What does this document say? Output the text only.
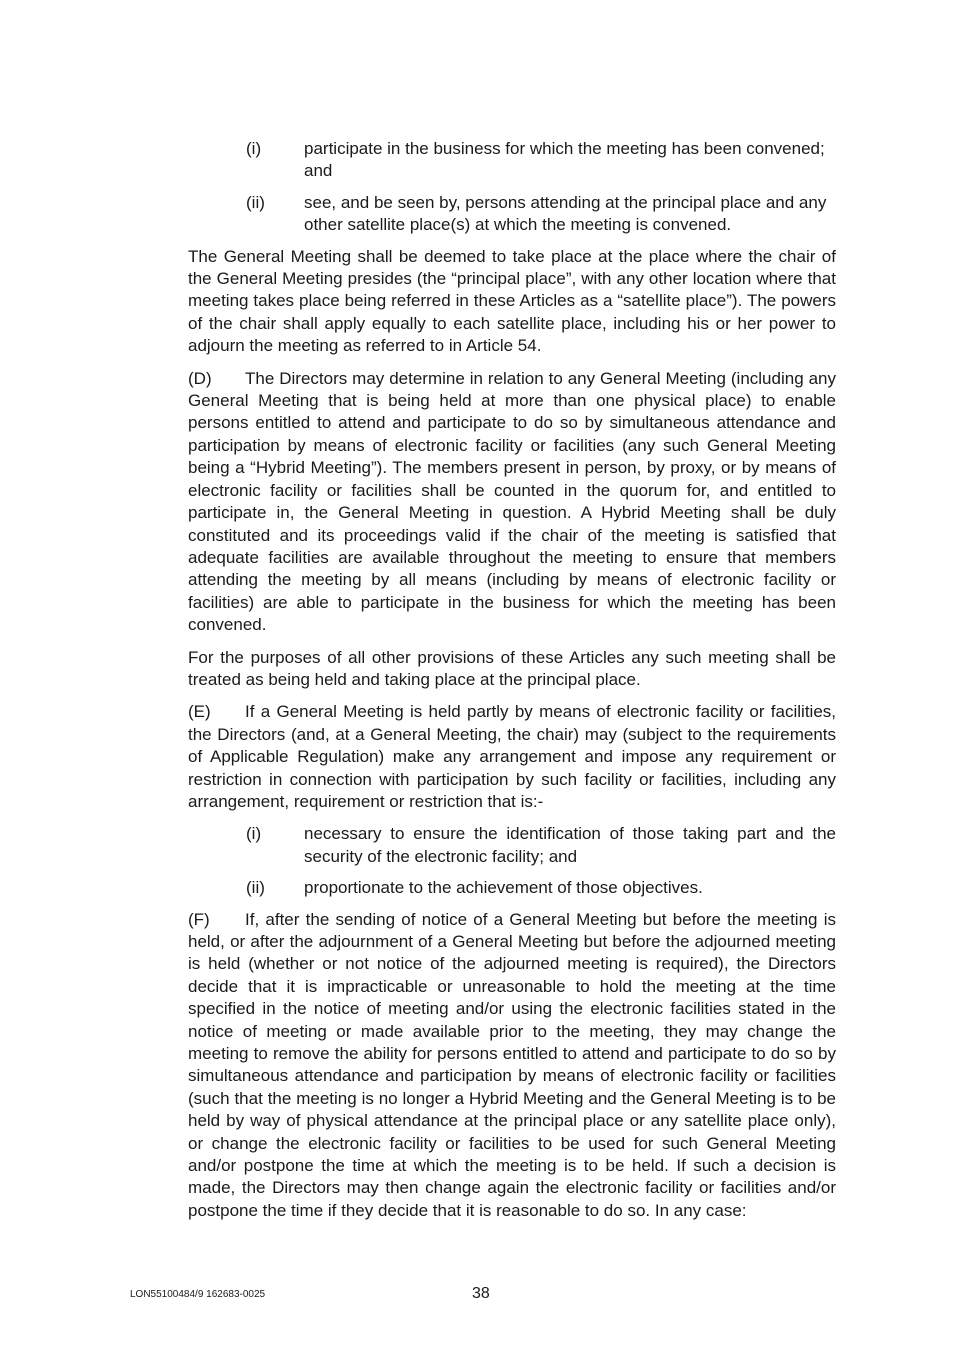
(i)	participate in the business for which the meeting has been convened; and
(ii) see, and be seen by, persons attending at the principal place and any other satellite place(s) at which the meeting is convened.

The General Meeting shall be deemed to take place at the place where the chair of the General Meeting presides (the “principal place”, with any other location where that meeting takes place being referred in these Articles as a “satellite place”). The powers of the chair shall apply equally to each satellite place, including his or her power to adjourn the meeting as referred to in Article 54.

(D) The Directors may determine in relation to any General Meeting (including any General Meeting that is being held at more than one physical place) to enable persons entitled to attend and participate to do so by simultaneous attendance and participation by means of electronic facility or facilities (any such General Meeting being a “Hybrid Meeting”). The members present in person, by proxy, or by means of electronic facility or facilities shall be counted in the quorum for, and entitled to participate in, the General Meeting in question. A Hybrid Meeting shall be duly constituted and its proceedings valid if the chair of the meeting is satisfied that adequate facilities are available throughout the meeting to ensure that members attending the meeting by all means (including by means of electronic facility or facilities) are able to participate in the business for which the meeting has been convened.

For the purposes of all other provisions of these Articles any such meeting shall be treated as being held and taking place at the principal place.

(E) If a General Meeting is held partly by means of electronic facility or facilities, the Directors (and, at a General Meeting, the chair) may (subject to the requirements of Applicable Regulation) make any arrangement and impose any requirement or restriction in connection with participation by such facility or facilities, including any arrangement, requirement or restriction that is:-

(i)	necessary to ensure the identification of those taking part and the security of the electronic facility; and
(ii) proportionate to the achievement of those objectives.

(F) If, after the sending of notice of a General Meeting but before the meeting is held, or after the adjournment of a General Meeting but before the adjourned meeting is held (whether or not notice of the adjourned meeting is required), the Directors decide that it is impracticable or unreasonable to hold the meeting at the time specified in the notice of meeting and/or using the electronic facilities stated in the notice of meeting or made available prior to the meeting, they may change the meeting to remove the ability for persons entitled to attend and participate to do so by simultaneous attendance and participation by means of electronic facility or facilities (such that the meeting is no longer a Hybrid Meeting and the General Meeting is to be held by way of physical attendance at the principal place or any satellite place only), or change the electronic facility or facilities to be used for such General Meeting and/or postpone the time at which the meeting is to be held. If such a decision is made, the Directors may then change again the electronic facility or facilities and/or postpone the time if they decide that it is reasonable to do so. In any case:

LON55100484/9 162683-0025	38
